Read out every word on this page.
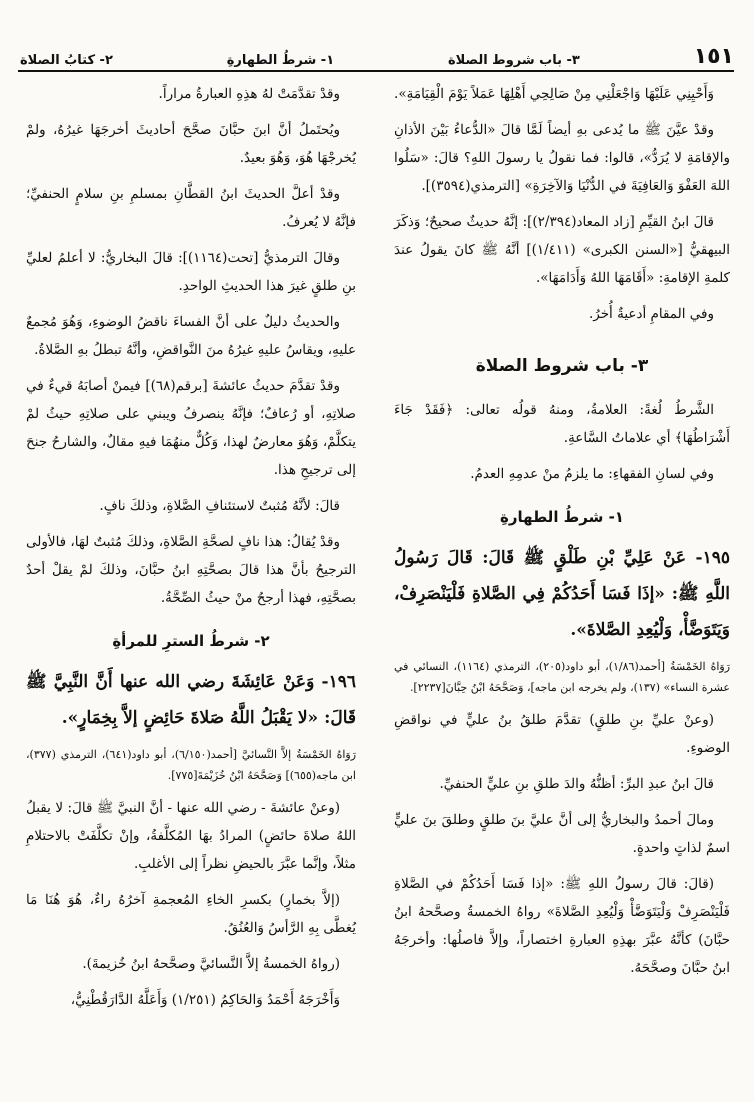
١٥١
٣- باب شروط الصلاة
١- شرطُ الطهارةِ
٢- كتابُ الصلاة

وَأَحْيِنِي عَلَيْهَا وَاجْعَلْنِي مِنْ صَالِحِي أَهْلِهَا عَمَلاً يَوْمَ الْقِيَامَةِ».

وقدْ عيَّنَ ﷺ ما يُدعى بهِ أيضاً لَمَّا قالَ «الدُّعاءُ بَيْنَ الأذانِ والإقامَةِ لا يُرَدُّ»، قالوا: فما نقولُ يا رسولَ اللهِ؟ قالَ: «سَلُوا اللهَ العَفْوَ وَالعَافِيَةَ في الدُّنْيَا وَالآخِرَةِ» [الترمذي(٣٥٩٤)].

قالَ ابنُ القيِّمِ [زاد المعاد(٢/٣٩٤)]: إنَّهُ حديثٌ صحيحٌ؛ وَذكَرَ البيهقيُّ [«السنن الكبرى» (١/٤١١)] أنَّهُ ﷺ كانَ يقولُ عندَ كلمةِ الإقامةِ: «أَقَامَهَا اللهُ وَأَدَامَهَا».

وفي المقامِ أدعيةٌ أُخرُ.

٣- باب شروط الصلاة

الشَّرطُ لُغةً: العلامةُ، ومنهُ قولُه تعالى: ﴿فَقَدْ جَاءَ أَشْرَاطُهَا﴾ أي علاماتُ السَّاعةِ.

وفي لسانِ الفقهاءِ: ما يلزمُ منْ عدمِهِ العدمُ.

١- شرطُ الطهارةِ

١٩٥- عَنْ عَلِيِّ بْنِ طَلْقٍ ﷺ قَالَ: قَالَ رَسُولُ اللَّهِ ﷺ: «إذَا فَسَا أَحَدُكُمْ فِي الصَّلاةِ فَلْيَنْصَرِفْ، وَيَتَوَضَّأْ، وَلْيُعِدِ الصَّلاةَ».

رَوَاهُ الخَمْسَةُ [أحمد(١/٨٦)، أبو داود(٢٠٥)، الترمذي (١١٦٤)، النسائي في عشرة النساء» (١٣٧)، ولم يخرجه ابن ماجه]، وَصَحَّحَهُ ابْنُ حِبَّانَ[٢٢٣٧].

(وعنْ عليِّ بنِ طلقٍ) تقدَّمَ طلقُ بنُ عليٍّ في نواقضِ الوضوءِ.

قالَ ابنُ عبدِ البرِّ: أظنُّهُ والدَ طلقِ بنِ عليٍّ الحنفيِّ.

ومالَ أحمدُ والبخاريُّ إلى أنَّ عليَّ بنَ طلقٍ وطلقَ بنَ عليٍّ اسمٌ لذاتٍ واحدةٍ.

(قالَ: قالَ رسولُ اللهِ ﷺ: «إذا فَسَا أَحَدُكُمْ في الصَّلاةِ فَلْيَنْصَرِفْ وَلْيَتَوَضَّأْ وَلْيُعِدِ الصَّلاةَ» رواهُ الخمسةُ وصحَّحهُ ابنُ حبَّانَ) كأنَّهُ عبَّرَ بهذِهِ العبارةِ اختصاراً، وإلاَّ فاصلُها: وأخرجَهُ ابنُ حبَّانَ وصحَّحَهُ.

وقدْ تقدَّمَتْ لهُ هذِهِ العبارةُ مراراً.

ويُحتَملُ أنَّ ابنَ حبَّانَ صحَّحَ أحاديثَ أخرجَهَا غيرُهُ، ولمْ يُخرجْهَا هُوَ، وَهُوَ بعيدٌ.

وقدْ أعلَّ الحديثَ ابنُ القطَّانِ بمسلمِ بنِ سلامٍ الحنفيِّ؛ فإنَّهُ لا يُعرفُ.

وقالَ الترمذيُّ [تحت(١١٦٤)]: قالَ البخاريُّ: لا أعلمُ لعليِّ بنِ طلقٍ غيرَ هذا الحديثِ الواحدِ.

والحديثُ دليلٌ على أنَّ الفساءَ ناقضُ الوضوءِ، وَهُوَ مُجمعٌ عليهِ، ويقاسُ عليهِ غيرُهُ منَ النَّواقضِ، وأنَّهُ تبطلُ بهِ الصَّلاةُ.

وقدْ تقدَّمَ حديثُ عائشةَ [برقم(٦٨)] فيمنْ أصابَهُ قيءٌ في صلاتِهِ، أو رُعافٌ؛ فإنَّهُ ينصرفُ ويبني على صلاتِهِ حيثُ لمْ يتكلَّمْ، وَهُوَ معارضٌ لهذا، وَكُلٌّ منهُمَا فيهِ مقالٌ، والشارحُ جنحَ إلى ترجيحِ هذا.

قالَ: لأنَّهُ مُثبتٌ لاستئنافِ الصَّلاةِ، وذلكَ نافٍ.

وقدْ يُقالُ: هذا نافٍ لصحَّةِ الصَّلاةِ، وذلكَ مُثبتٌ لهَا، فالأولى الترجيحُ بأنَّ هذا قالَ بصحَّتِهِ ابنُ حبَّانَ، وذلكَ لمْ يقلْ أحدٌ بصحَّتِهِ، فهذا أرجحُ منْ حيثُ الصِّحَّةُ.

٢- شرطُ السترِ للمرأةِ

١٩٦- وَعَنْ عَائِشَةَ رضي الله عنها أَنَّ النَّبِيَّ ﷺ قَالَ: «لا يَقْبَلُ اللَّهُ صَلاةَ حَائِضٍ إلاَّ بِخِمَارٍ».

رَوَاهُ الخَمْسَةُ إلاَّ النَّسائيَّ [أحمد(٦/١٥٠)، أبو داود(٦٤١)، الترمذي (٣٧٧)، ابن ماجه(٦٥٥)] وَصَحَّحَهُ ابْنُ خُزَيْمَةَ[٧٧٥].

(وعنْ عائشةَ - رضي الله عنها - أنَّ النبيَّ ﷺ قالَ: لا يقبلُ اللهُ صلاةَ حائضٍ) المرادُ بهَا المُكلَّفةُ، وإنْ تكلَّفَتْ بالاحتلامِ مثلاً، وإنَّما عبَّرَ بالحيضِ نظراً إلى الأغلبِ.

(إلاَّ بخمارٍ) بكسرِ الخاءِ المُعجمةِ آخرُهُ راءٌ، هُوَ هُنَا مَا يُغطَّى بِهِ الرَّأسُ وَالعُنُقُ.

(رواهُ الخمسةُ إلاَّ النَّسائيَّ وصحَّحهُ ابنُ خُزيمةَ).

وَأَخْرَجَهُ أَحْمَدُ وَالحَاكِمُ (١/٢٥١) وَأَعَلَّهُ الدَّارَقُطْنِيُّ،
